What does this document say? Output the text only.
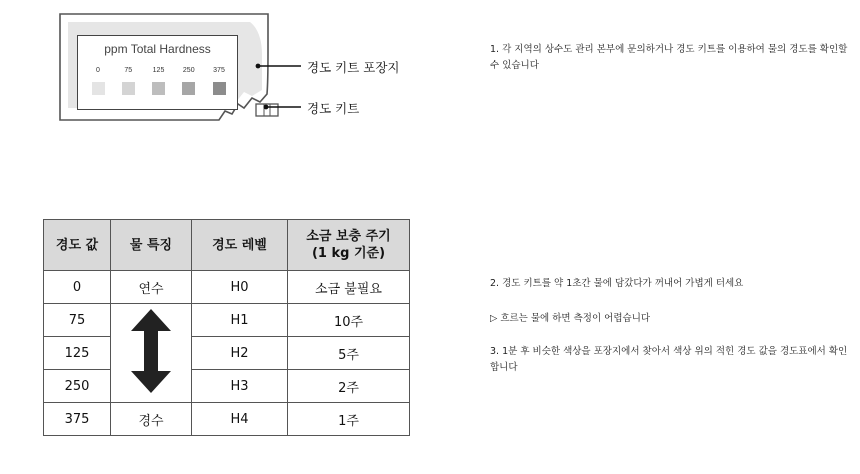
ppm Total Hardness
0	75	125	250	375	경도 키트 포장지
경도 키트
경도 값	물 특징	경도 레벨	소금 보충 주기
(1 kg 기준)
0	연수	H0	소금 불필요
75		H1	10주
125		H2	5주
250		H3	2주
375	경수	H4	1주
1. 각 지역의 상수도 관리 본부에 문의하거나 경도 키트를 이용하여 물의 경도를 확인할 수 있습니다
2. 경도 키트를 약 1초간 물에 담갔다가 꺼내어 가볍게 터세요
▷ 흐르는 물에 하면 측정이 어렵습니다
3. 1분 후 비슷한 색상을 포장지에서 찾아서 색상 위의 적힌 경도 값을 경도표에서 확인합니다
